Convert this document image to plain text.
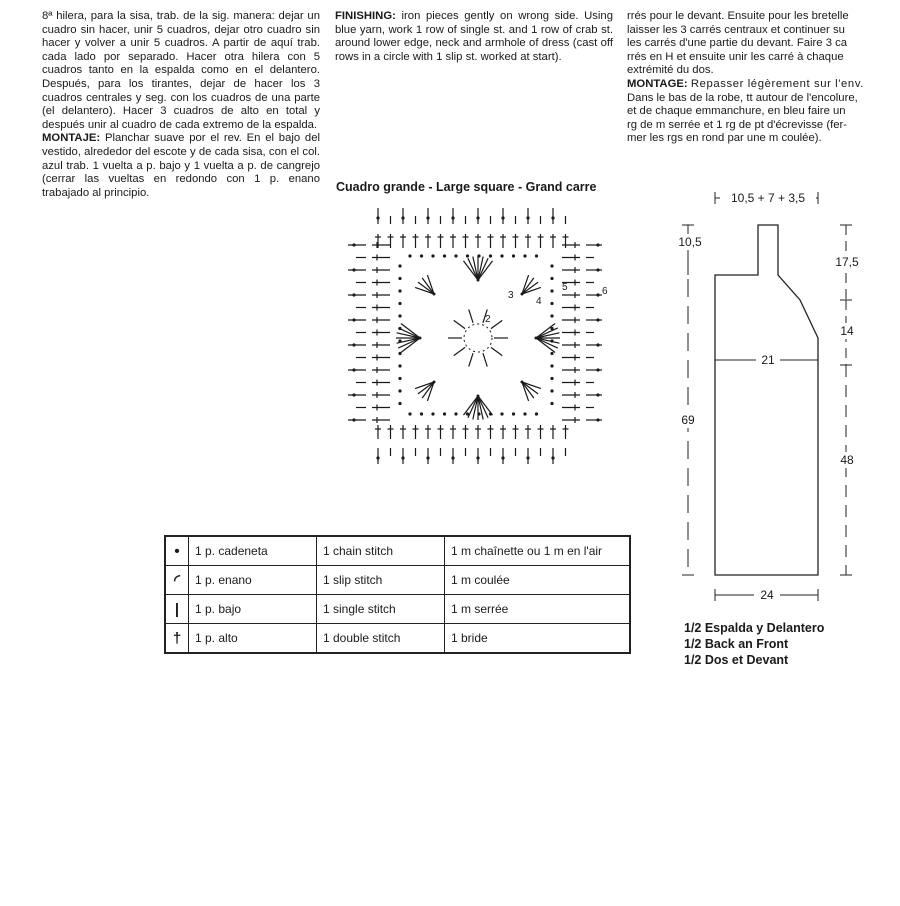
8ª hilera, para la sisa, trab. de la sig. manera: dejar un cuadro sin hacer, unir 5 cuadros, dejar otro cuadro sin hacer y volver a unir 5 cuadros. A partir de aquí trab. cada lado por separado. Hacer otra hilera con 5 cuadros tanto en la espalda como en el delantero. Después, para los tirantes, dejar de hacer los 3 cuadros centrales y seg. con los cuadros de una parte (el delantero). Hacer 3 cuadros de alto en total y después unir al cuadro de cada extremo de la espalda.

MONTAJE: Planchar suave por el rev. En el bajo del vestido, alrededor del escote y de cada sisa, con el col. azul trab. 1 vuelta a p. bajo y 1 vuelta a p. de cangrejo (cerrar las vueltas en redondo con 1 p. enano trabajado al principio.

FINISHING: iron pieces gently on wrong side. Using blue yarn, work 1 row of single st. and 1 row of crab st. around lower edge, neck and armhole of dress (cast off rows in a circle with 1 slip st. worked at start).

rrés pour le devant. Ensuite pour les bretelle

laisser les 3 carrés centraux et continuer su

les carrés d'une partie du devant. Faire 3 ca

rrés en H et ensuite unir les carré à chaque

extrémité du dos.

MONTAGE: Repasser légèrement sur l'env.

Dans le bas de la robe, tt autour de l'encolure,

et de chaque emmanchure, en bleu faire un

rg de m serrée et 1 rg de pt d'écrevisse (fer-

mer les rgs en rond par une m coulée).

Cuadro grande - Large square - Grand carre
2
3
4
5	6
10,5 + 7 + 3,5
69
10,5
17,5
14
48
21
24
1/2 Espalda y Delantero
1/2 Back an Front
1/2 Dos et Devant
•	1 p. cadeneta	1 chain stitch	1 m chaînette ou 1 m en l'air
◜	1 p. enano	1 slip stitch	1 m coulée
|	1 p. bajo	1 single stitch	1 m serrée
†	1 p. alto	1 double stitch	1 bride
